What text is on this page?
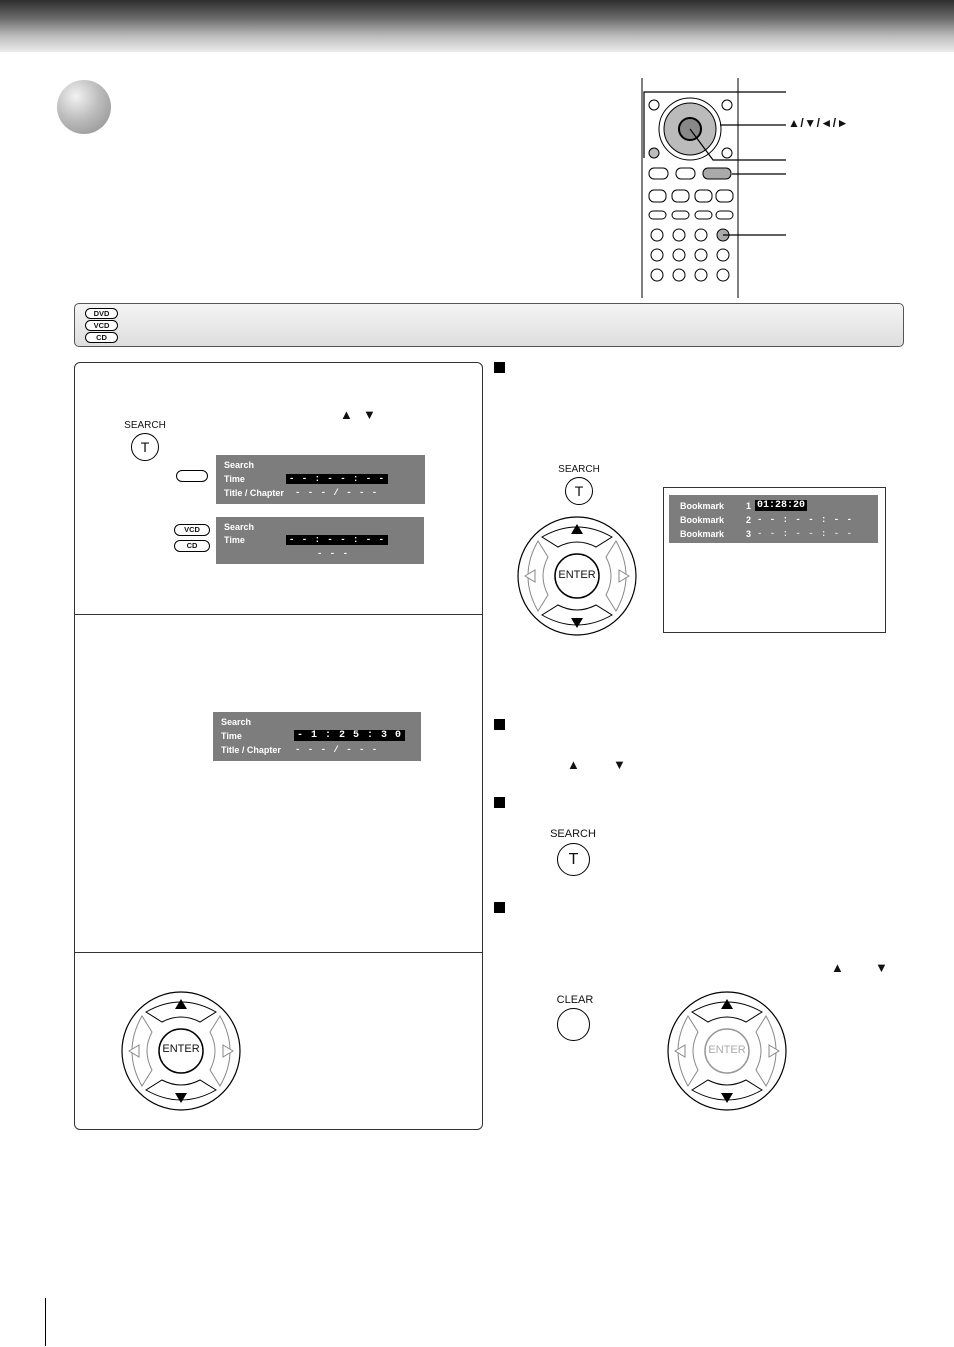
▲/▼/◄/►
DVD
VCD
CD
▲ ▼
SEARCH
T
Search
Time	- - : - - : - -
Title / Chapter - - - / - - -
VCD
CD
Search
Time	- - : - - : - -
- - -
Search
Time	- 1 : 2 5 : 3 0
Title / Chapter - - - / - - -
ENTER
SEARCH
T
ENTER
Bookmark 1 01:28:20
Bookmark 2 - - : - - : - -
Bookmark 3 - - : - - : - -
▲	▼
SEARCH
T
▲ ▼
CLEAR
ENTER
